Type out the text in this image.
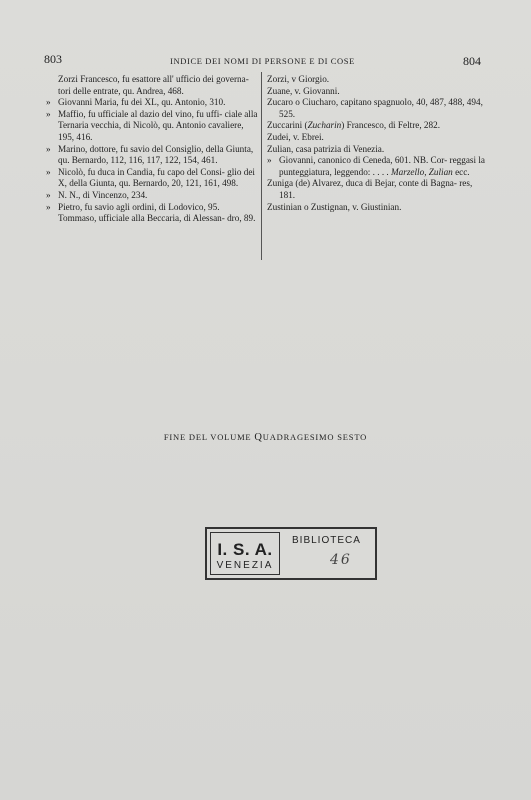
803	INDICE DEI NOMI DI PERSONE E DI COSE	804

Zorzi Francesco, fu esattore all' ufficio dei governa- tori delle entrate, qu. Andrea, 468.

» Giovanni Maria, fu dei XL, qu. Antonio, 310.

» Maffio, fu ufficiale al dazio del vino, fu uffi- ciale alla Ternaria vecchia, di Nicolò, qu. Antonio cavaliere, 195, 416.

» Marino, dottore, fu savio del Consiglio, della Giunta, qu. Bernardo, 112, 116, 117, 122, 154, 461.

» Nicolò, fu duca in Candia, fu capo del Consi- glio dei X, della Giunta, qu. Bernardo, 20, 121, 161, 498.

» N. N., di Vincenzo, 234.

» Pietro, fu savio agli ordini, di Lodovico, 95.

Tommaso, ufficiale alla Beccaria, di Alessan- dro, 89.

Zorzi, v Giorgio.

Zuane, v. Giovanni.

Zucaro o Ciucharo, capitano spagnuolo, 40, 487, 488, 494, 525.

Zuccarini (Zucharin) Francesco, di Feltre, 282.

Zudei, v. Ebrei.

Zulian, casa patrizia di Venezia.

» Giovanni, canonico di Ceneda, 601. NB. Cor- reggasi la punteggiatura, leggendo: . . . . Marzello, Zulian ecc.

Zuniga (de) Alvarez, duca di Bejar, conte di Bagna- res, 181.

Zustinian o Zustignan, v. Giustinian.

FINE DEL VOLUME QUADRAGESIMO SESTO
I. S. A.
VENEZIA
BIBLIOTECA
46
